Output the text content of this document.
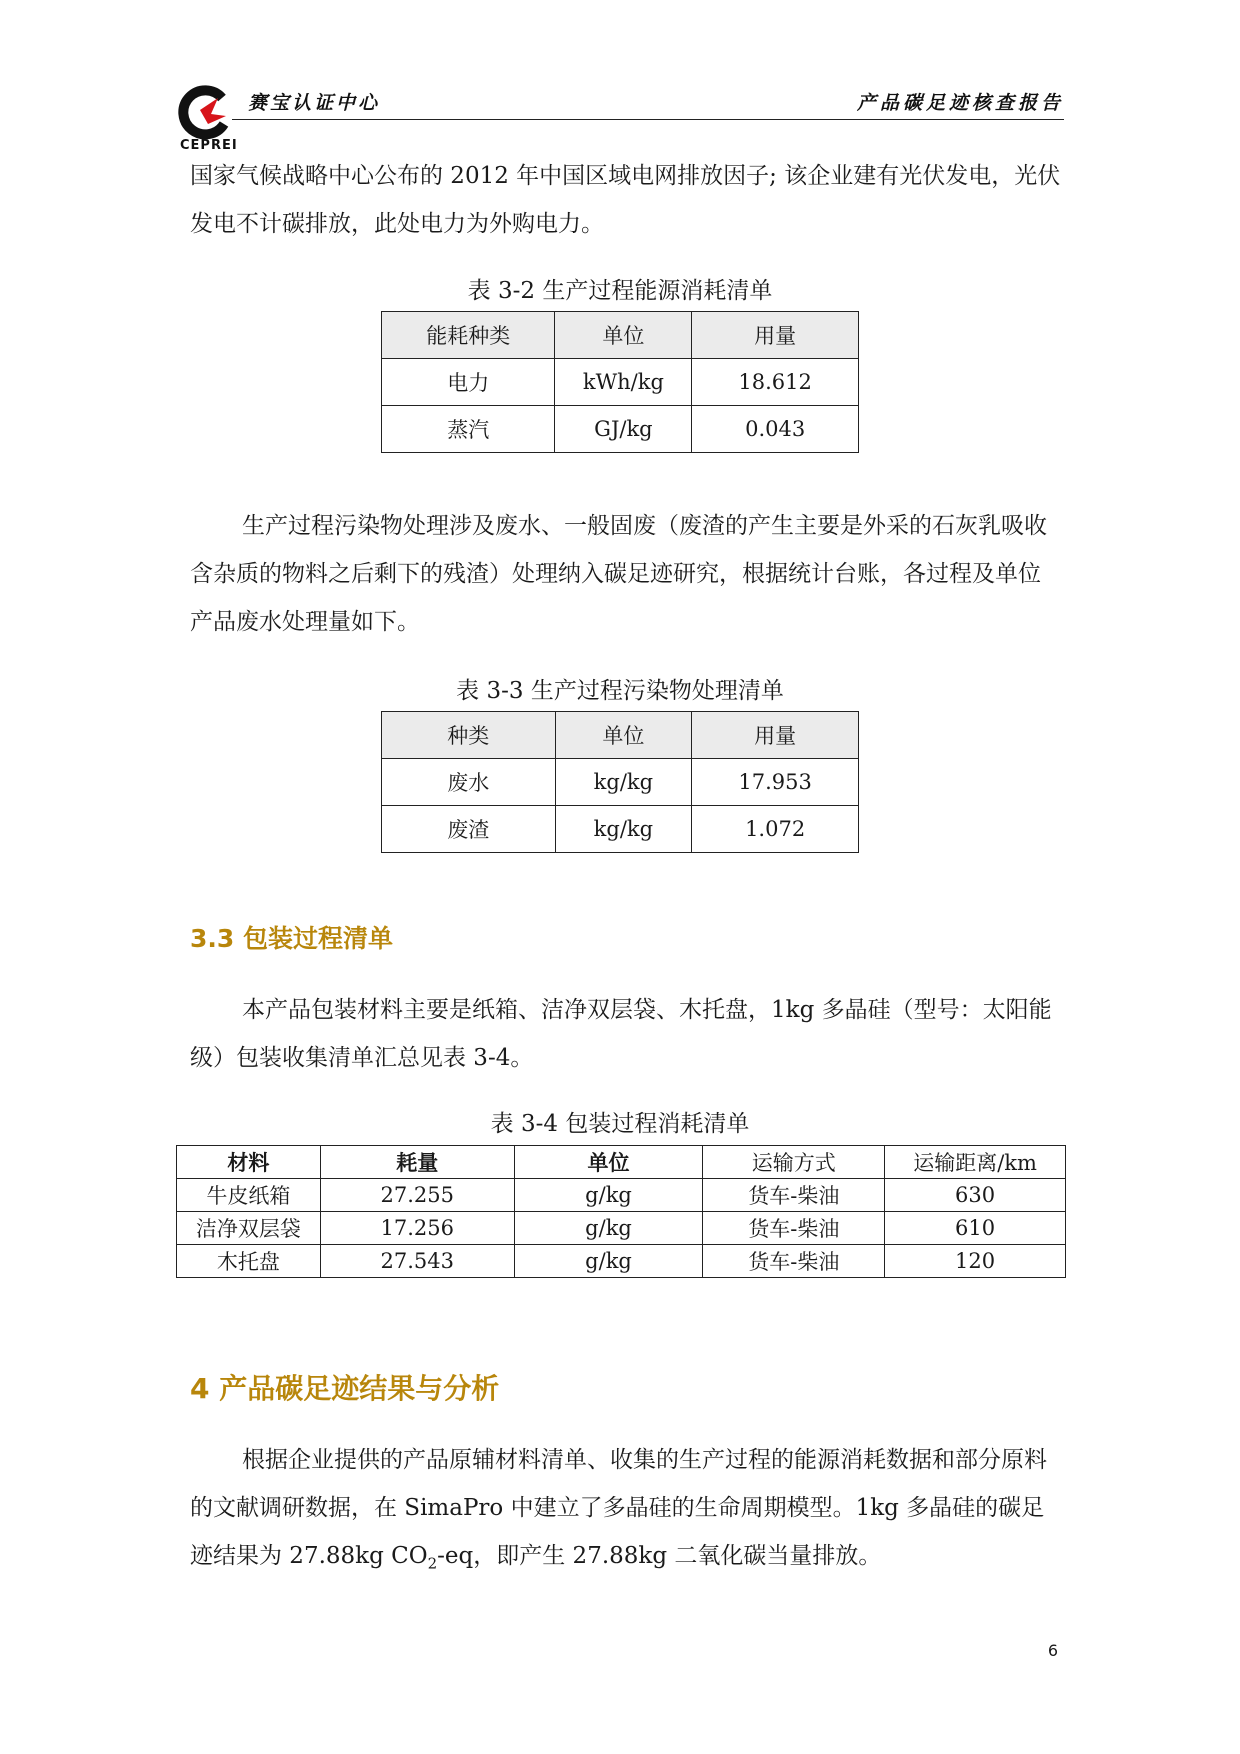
CEPREI
赛宝认证中心	产品碳足迹核查报告

国家气候战略中心公布的 2012 年中国区域电网排放因子; 该企业建有光伏发电，光伏发电不计碳排放，此处电力为外购电力。

表 3-2 生产过程能源消耗清单
能耗种类	单位	用量
电力	kWh/kg	18.612
蒸汽	GJ/kg	0.043

生产过程污染物处理涉及废水、一般固废（废渣的产生主要是外采的石灰乳吸收含杂质的物料之后剩下的残渣）处理纳入碳足迹研究，根据统计台账，各过程及单位产品废水处理量如下。

表 3-3 生产过程污染物处理清单
种类	单位	用量
废水	kg/kg	17.953
废渣	kg/kg	1.072
3.3 包装过程清单

本产品包装材料主要是纸箱、洁净双层袋、木托盘，1kg 多晶硅（型号：太阳能级）包装收集清单汇总见表 3-4。

表 3-4 包装过程消耗清单
材料	耗量	单位	运输方式	运输距离/km
牛皮纸箱	27.255	g/kg	货车-柴油	630
洁净双层袋	17.256	g/kg	货车-柴油	610
木托盘	27.543	g/kg	货车-柴油	120
4 产品碳足迹结果与分析

根据企业提供的产品原辅材料清单、收集的生产过程的能源消耗数据和部分原料的文献调研数据，在 SimaPro 中建立了多晶硅的生命周期模型。1kg 多晶硅的碳足迹结果为 27.88kg $CO_2-eq$，即产生 27.88kg 二氧化碳当量排放。

6
